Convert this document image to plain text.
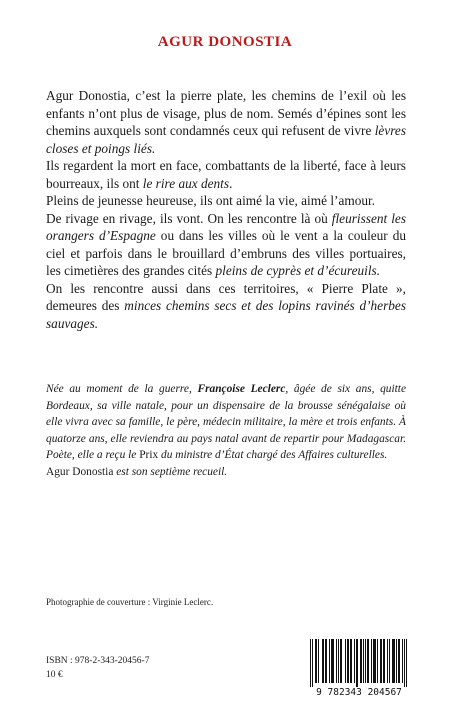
AGUR DONOSTIA

Agur Donostia, c’est la pierre plate, les chemins de l’exil où les enfants n’ont plus de visage, plus de nom. Semés d’épines sont les chemins auxquels sont condamnés ceux qui refusent de vivre lèvres closes et poings liés.

Ils regardent la mort en face, combattants de la liberté, face à leurs bourreaux, ils ont le rire aux dents.

Pleins de jeunesse heureuse, ils ont aimé la vie, aimé l’amour.

De rivage en rivage, ils vont. On les rencontre là où fleurissent les orangers d’Espagne ou dans les villes où le vent a la couleur du ciel et parfois dans le brouillard d’embruns des villes portuaires, les cimetières des grandes cités pleins de cyprès et d’écureuils.

On les rencontre aussi dans ces territoires, « Pierre Plate », demeures des minces chemins secs et des lopins ravinés d’herbes sauvages.

Née au moment de la guerre, Françoise Leclerc, âgée de six ans, quitte Bordeaux, sa ville natale, pour un dispensaire de la brousse sénégalaise où elle vivra avec sa famille, le père, médecin militaire, la mère et trois enfants. À quatorze ans, elle reviendra au pays natal avant de repartir pour Madagascar. Poète, elle a reçu le Prix du ministre d’État chargé des Affaires culturelles.
Agur Donostia est son septième recueil.
Photographie de couverture : Virginie Leclerc.
ISBN : 978-2-343-20456-7
10 €
9 782343 204567
